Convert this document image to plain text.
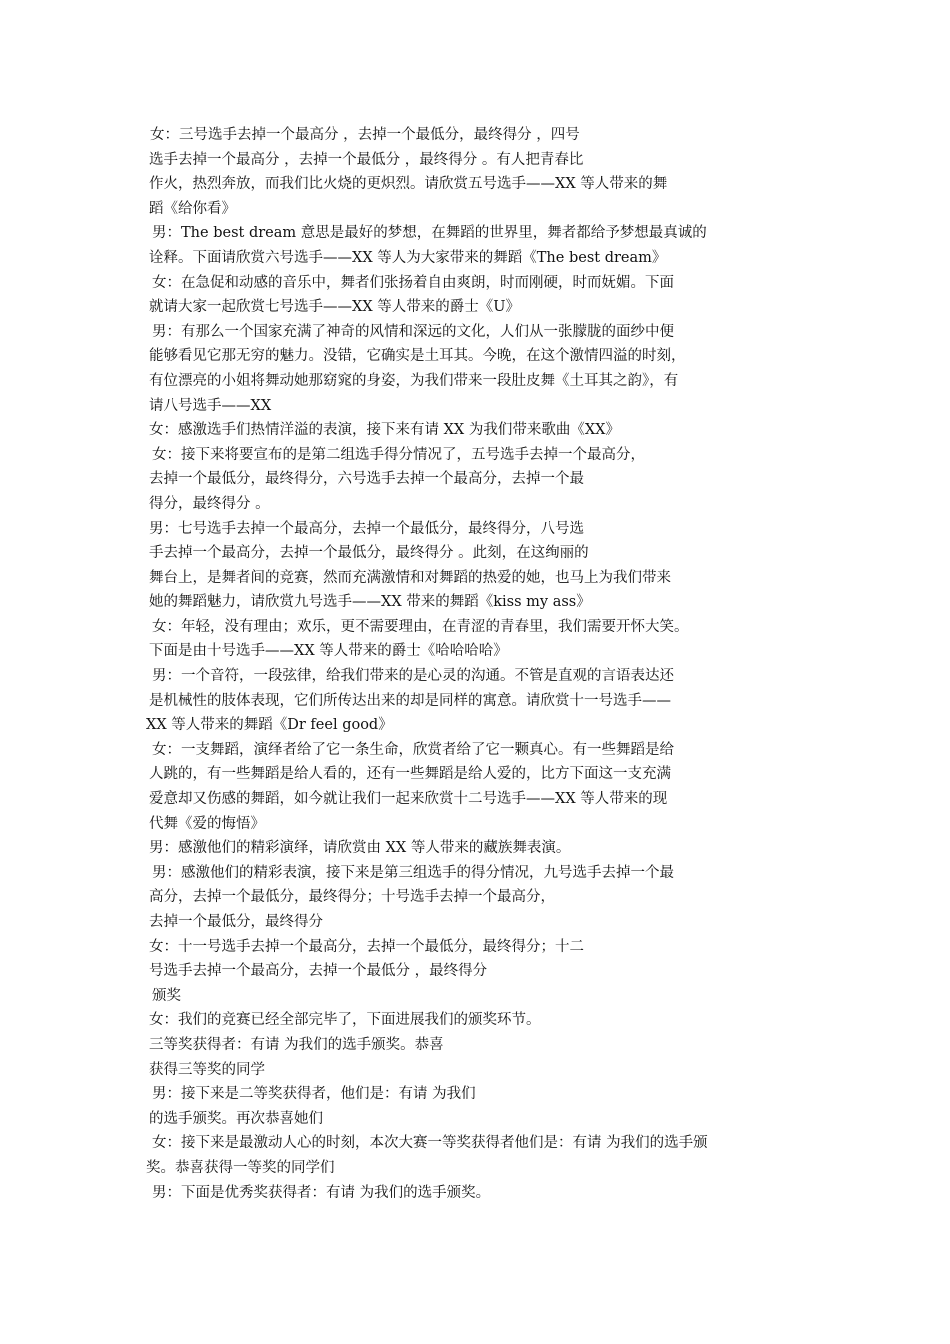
女：三号选手去掉一个最高分 ，去掉一个最低分，最终得分 ，四号
选手去掉一个最高分 ，去掉一个最低分 ，最终得分 。有人把青春比
作火，热烈奔放，而我们比火烧的更炽烈。请欣赏五号选手——XX 等人带来的舞
蹈《给你看》
男：The best dream 意思是最好的梦想，在舞蹈的世界里，舞者都给予梦想最真诚的
诠释。下面请欣赏六号选手——XX 等人为大家带来的舞蹈《The best dream》
女：在急促和动感的音乐中，舞者们张扬着自由爽朗，时而刚硬，时而妩媚。下面
就请大家一起欣赏七号选手——XX 等人带来的爵士《U》
男：有那么一个国家充满了神奇的风情和深远的文化，人们从一张朦胧的面纱中便
能够看见它那无穷的魅力。没错，它确实是土耳其。今晚，在这个激情四溢的时刻，
有位漂亮的小姐将舞动她那窈窕的身姿，为我们带来一段肚皮舞《土耳其之韵》，有
请八号选手——XX
女：感激选手们热情洋溢的表演，接下来有请 XX 为我们带来歌曲《XX》
女：接下来将要宣布的是第二组选手得分情况了，五号选手去掉一个最高分，
去掉一个最低分，最终得分，六号选手去掉一个最高分，去掉一个最
得分，最终得分 。
男：七号选手去掉一个最高分，去掉一个最低分，最终得分，八号选
手去掉一个最高分，去掉一个最低分，最终得分 。此刻，在这绚丽的
舞台上，是舞者间的竞赛，然而充满激情和对舞蹈的热爱的她，也马上为我们带来
她的舞蹈魅力，请欣赏九号选手——XX 带来的舞蹈《kiss my ass》
女：年轻，没有理由；欢乐，更不需要理由，在青涩的青春里，我们需要开怀大笑。
下面是由十号选手——XX 等人带来的爵士《哈哈哈哈》
男：一个音符，一段弦律，给我们带来的是心灵的沟通。不管是直观的言语表达还
是机械性的肢体表现，它们所传达出来的却是同样的寓意。请欣赏十一号选手——
XX 等人带来的舞蹈《Dr feel good》
女：一支舞蹈，演绎者给了它一条生命，欣赏者给了它一颗真心。有一些舞蹈是给
人跳的，有一些舞蹈是给人看的，还有一些舞蹈是给人爱的，比方下面这一支充满
爱意却又伤感的舞蹈，如今就让我们一起来欣赏十二号选手——XX 等人带来的现
代舞《爱的悔悟》
男：感激他们的精彩演绎，请欣赏由 XX 等人带来的藏族舞表演。
男：感激他们的精彩表演，接下来是第三组选手的得分情况，九号选手去掉一个最
高分，去掉一个最低分，最终得分；十号选手去掉一个最高分，
去掉一个最低分，最终得分
女：十一号选手去掉一个最高分，去掉一个最低分，最终得分；十二
号选手去掉一个最高分，去掉一个最低分 ，最终得分
颁奖
女：我们的竞赛已经全部完毕了，下面进展我们的颁奖环节。
三等奖获得者：有请 为我们的选手颁奖。恭喜
获得三等奖的同学
男：接下来是二等奖获得者，他们是：有请 为我们
的选手颁奖。再次恭喜她们
女：接下来是最激动人心的时刻，本次大赛一等奖获得者他们是：有请 为我们的选手颁
奖。恭喜获得一等奖的同学们
男：下面是优秀奖获得者：有请 为我们的选手颁奖。
